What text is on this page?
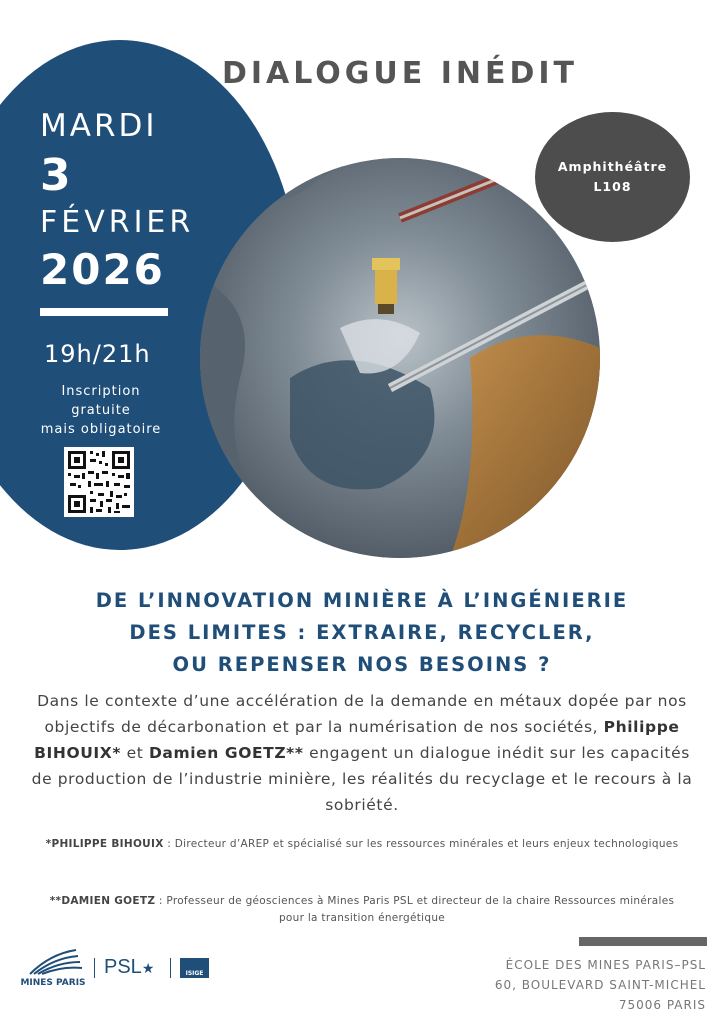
DIALOGUE INÉDIT
MARDI
3
FÉVRIER
2026
19h/21h
Inscription
gratuite
mais obligatoire
Amphithéâtre
L108
DE L’INNOVATION MINIÈRE À L’INGÉNIERIE
DES LIMITES : EXTRAIRE, RECYCLER,
OU REPENSER NOS BESOINS ?
Dans le contexte d’une accélération de la demande en métaux dopée par nos objectifs de décarbonation et par la numérisation de nos sociétés, Philippe BIHOUIX* et Damien GOETZ** engagent un dialogue inédit sur les capacités de production de l’industrie minière, les réalités du recyclage et le recours à la sobriété.
*PHILIPPE BIHOUIX : Directeur d’AREP et spécialisé sur les ressources minérales et leurs enjeux technologiques
**DAMIEN GOETZ : Professeur de géosciences à Mines Paris PSL et directeur de la chaire Ressources minérales pour la transition énergétique
MINES PARIS
PSL★	ISIGE
ÉCOLE DES MINES PARIS–PSL
60, BOULEVARD SAINT-MICHEL
75006 PARIS
